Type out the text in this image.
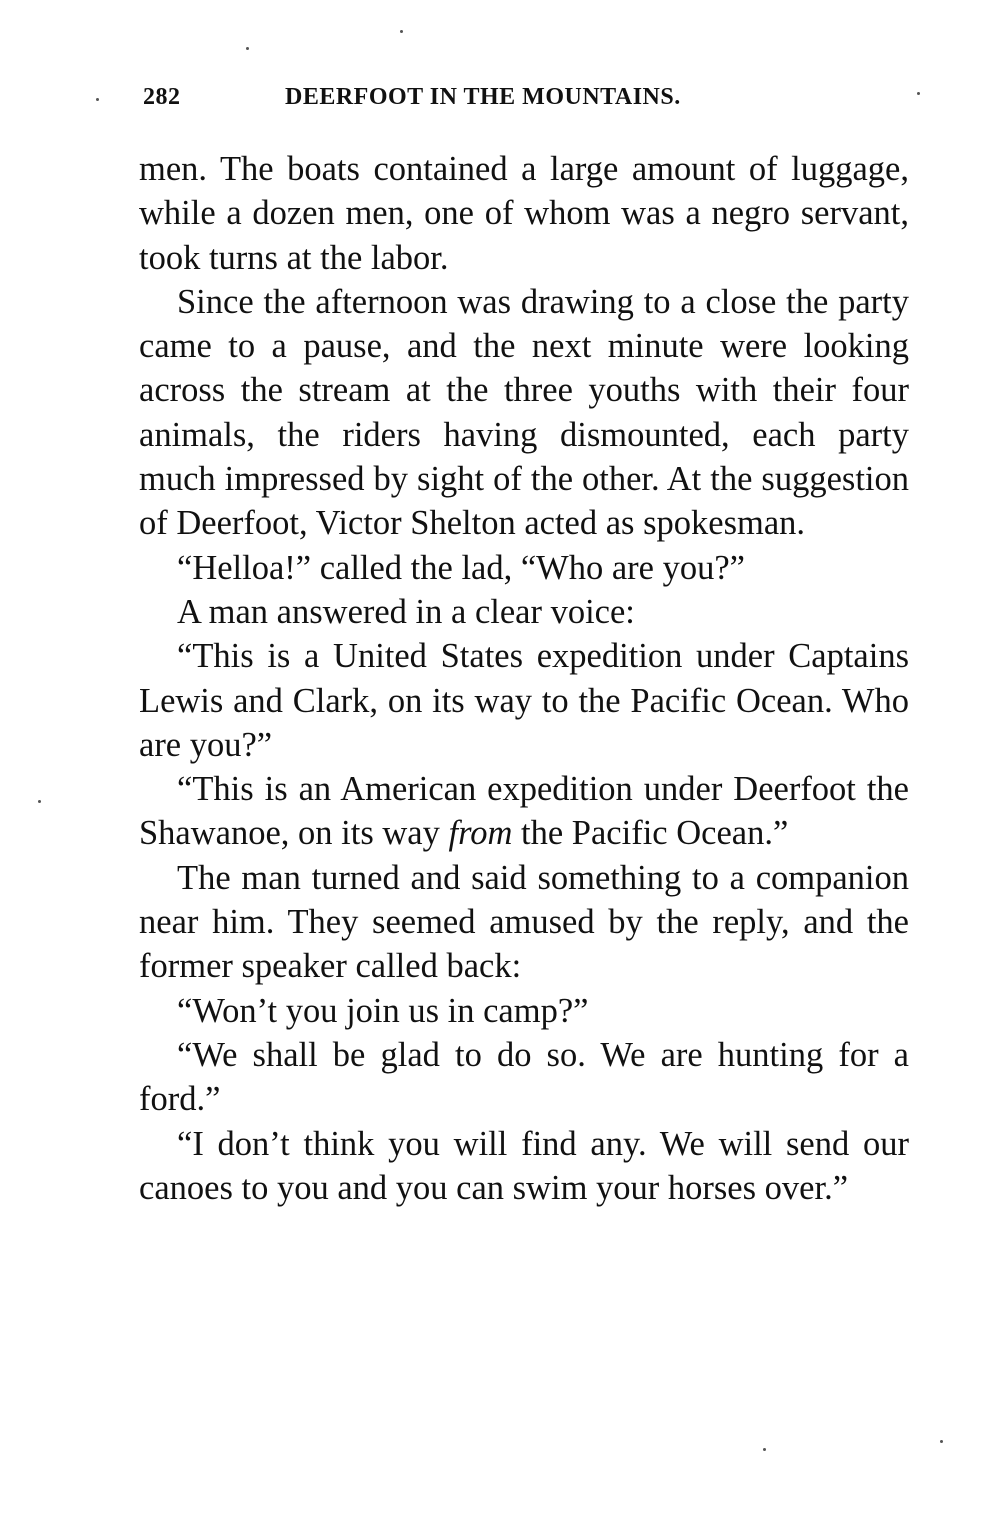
282	DEERFOOT IN THE MOUNTAINS.

men. The boats contained a large amount of luggage, while a dozen men, one of whom was a negro servant, took turns at the labor.

Since the afternoon was drawing to a close the party came to a pause, and the next minute were looking across the stream at the three youths with their four animals, the riders having dismounted, each party much impressed by sight of the other. At the suggestion of Deerfoot, Victor Shelton acted as spokesman.

“Helloa!” called the lad, “Who are you?”

A man answered in a clear voice:

“This is a United States expedition under Captains Lewis and Clark, on its way to the Pacific Ocean. Who are you?”

“This is an American expedition under Deerfoot the Shawanoe, on its way from the Pacific Ocean.”

The man turned and said something to a companion near him. They seemed amused by the reply, and the former speaker called back:

“Won’t you join us in camp?”

“We shall be glad to do so. We are hunting for a ford.”

“I don’t think you will find any. We will send our canoes to you and you can swim your horses over.”
